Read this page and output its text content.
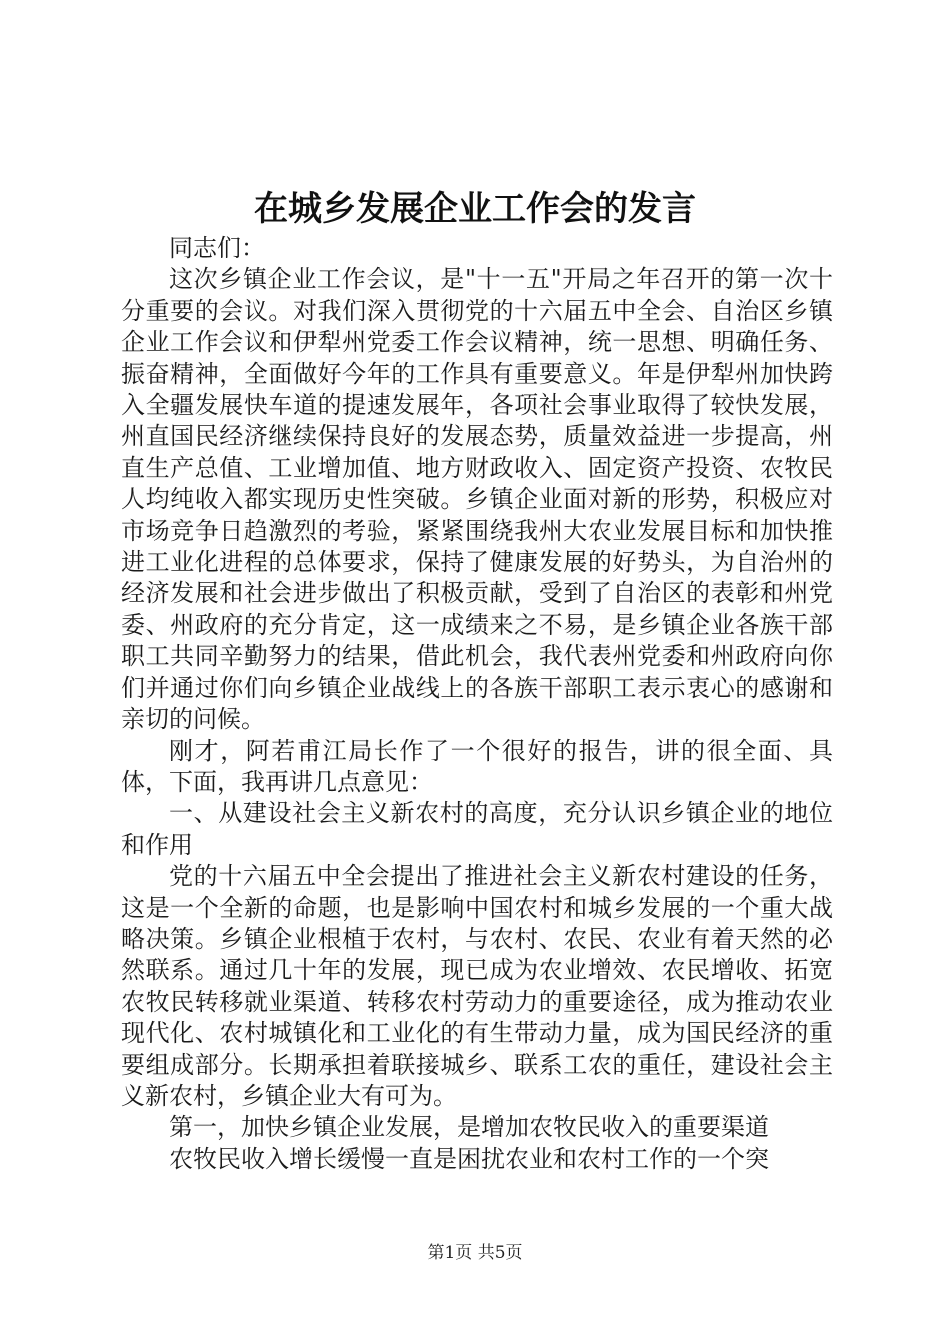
在城乡发展企业工作会的发言

同志们：

这次乡镇企业工作会议，是"十一五"开局之年召开的第一次十分重要的会议。对我们深入贯彻党的十六届五中全会、自治区乡镇企业工作会议和伊犁州党委工作会议精神，统一思想、明确任务、振奋精神，全面做好今年的工作具有重要意义。年是伊犁州加快跨入全疆发展快车道的提速发展年，各项社会事业取得了较快发展，州直国民经济继续保持良好的发展态势，质量效益进一步提高，州直生产总值、工业增加值、地方财政收入、固定资产投资、农牧民人均纯收入都实现历史性突破。乡镇企业面对新的形势，积极应对市场竞争日趋激烈的考验，紧紧围绕我州大农业发展目标和加快推进工业化进程的总体要求，保持了健康发展的好势头，为自治州的经济发展和社会进步做出了积极贡献，受到了自治区的表彰和州党委、州政府的充分肯定，这一成绩来之不易，是乡镇企业各族干部职工共同辛勤努力的结果，借此机会，我代表州党委和州政府向你们并通过你们向乡镇企业战线上的各族干部职工表示衷心的感谢和亲切的问候。

刚才，阿若甫江局长作了一个很好的报告，讲的很全面、具体，下面，我再讲几点意见：

一、从建设社会主义新农村的高度，充分认识乡镇企业的地位和作用

党的十六届五中全会提出了推进社会主义新农村建设的任务，这是一个全新的命题，也是影响中国农村和城乡发展的一个重大战略决策。乡镇企业根植于农村，与农村、农民、农业有着天然的必然联系。通过几十年的发展，现已成为农业增效、农民增收、拓宽农牧民转移就业渠道、转移农村劳动力的重要途径，成为推动农业现代化、农村城镇化和工业化的有生带动力量，成为国民经济的重要组成部分。长期承担着联接城乡、联系工农的重任，建设社会主义新农村，乡镇企业大有可为。

第一，加快乡镇企业发展，是增加农牧民收入的重要渠道

农牧民收入增长缓慢一直是困扰农业和农村工作的一个突

第1页 共5页
